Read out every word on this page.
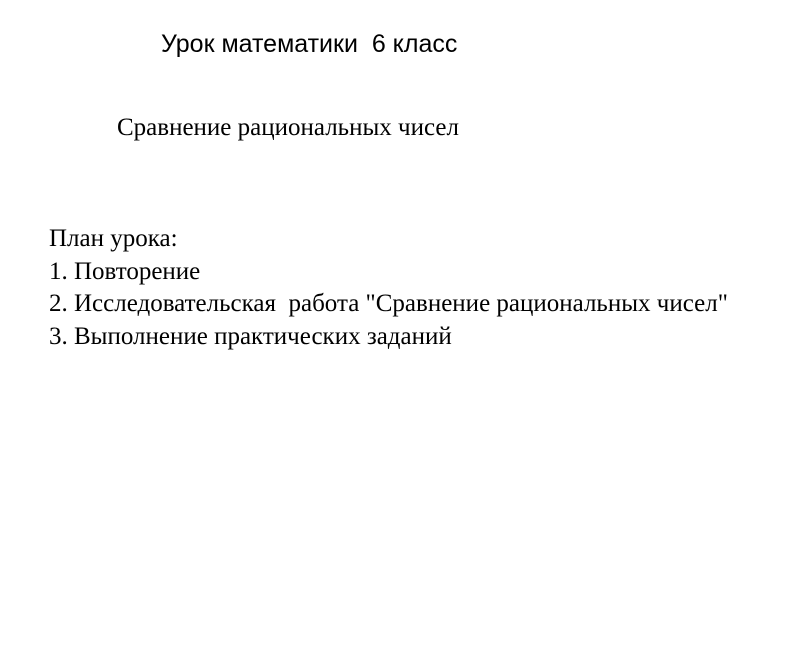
Урок математики  6 класс
Сравнение рациональных чисел
План урока:
1. Повторение
2. Исследовательская  работа "Сравнение рациональных чисел"
3. Выполнение практических заданий
